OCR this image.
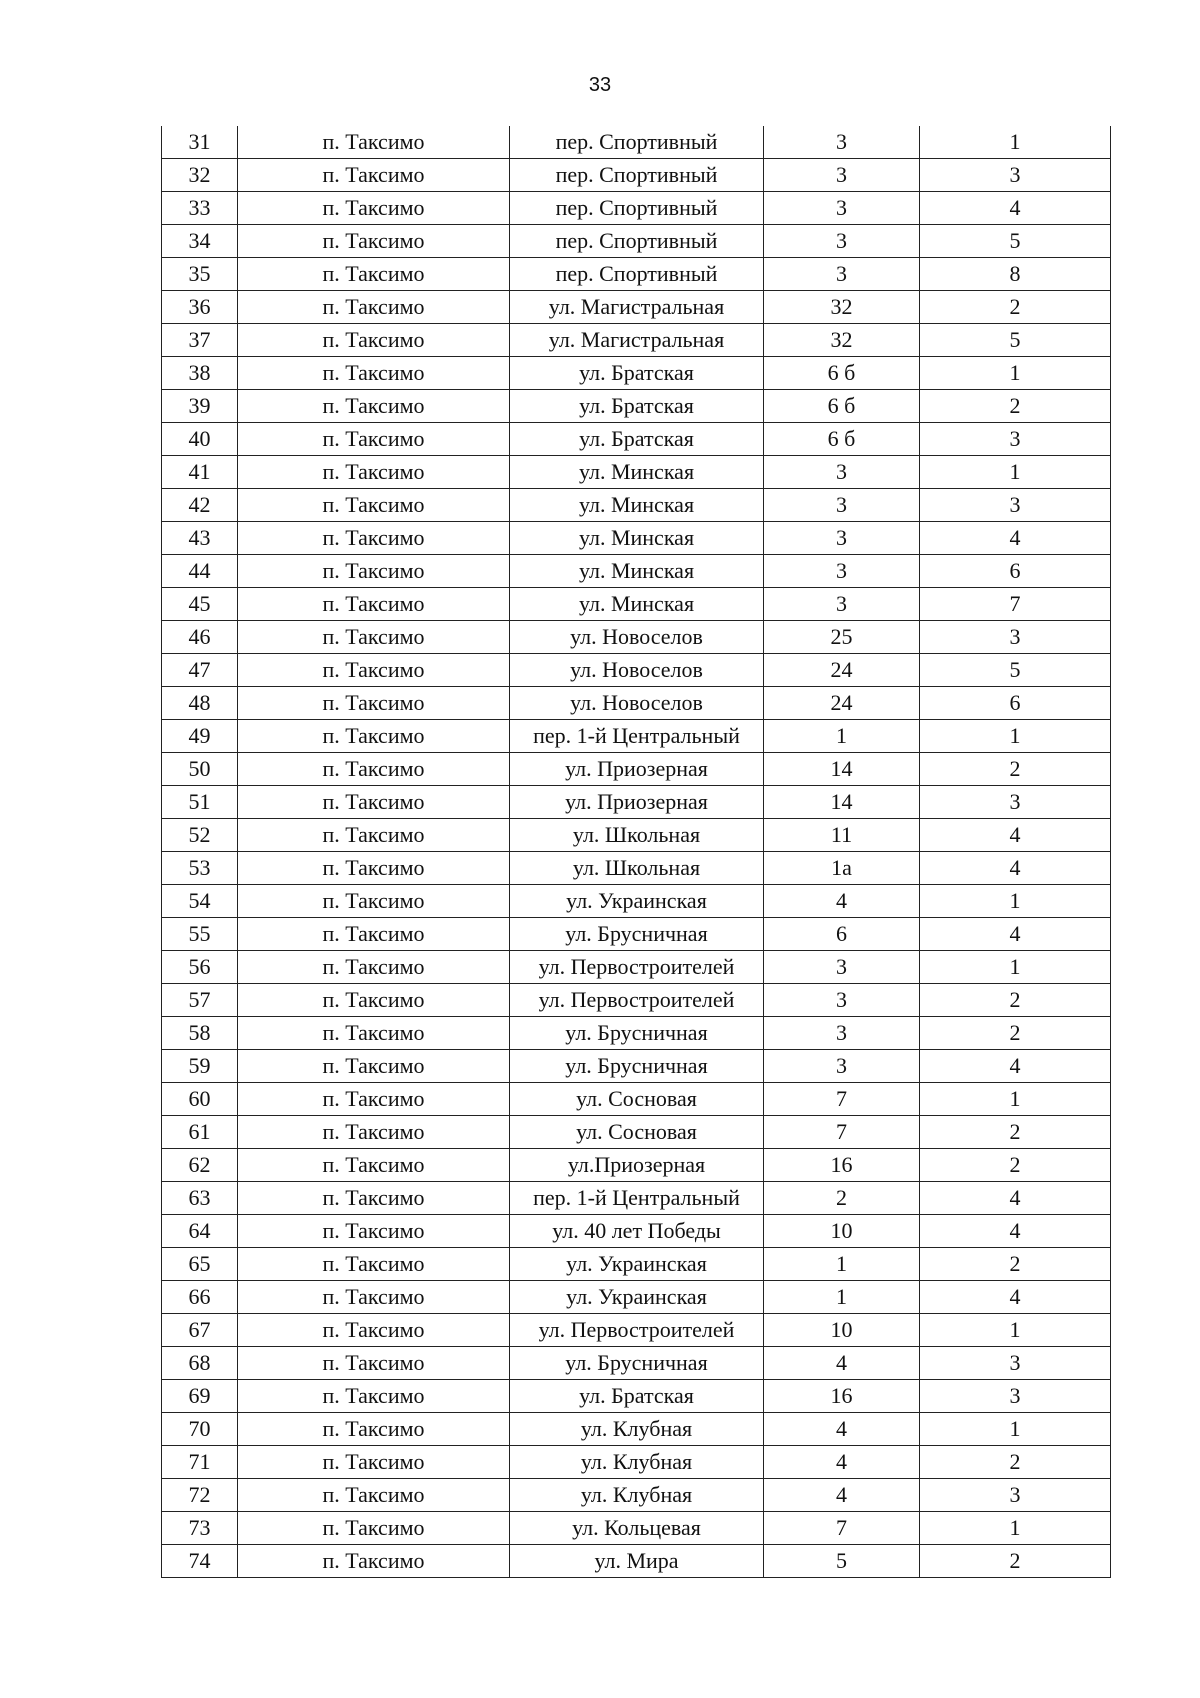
33
31	п. Таксимо	пер. Спортивный	3	1
32	п. Таксимо	пер. Спортивный	3	3
33	п. Таксимо	пер. Спортивный	3	4
34	п. Таксимо	пер. Спортивный	3	5
35	п. Таксимо	пер. Спортивный	3	8
36	п. Таксимо	ул. Магистральная	32	2
37	п. Таксимо	ул. Магистральная	32	5
38	п. Таксимо	ул. Братская	6 б	1
39	п. Таксимо	ул. Братская	6 б	2
40	п. Таксимо	ул. Братская	6 б	3
41	п. Таксимо	ул. Минская	3	1
42	п. Таксимо	ул. Минская	3	3
43	п. Таксимо	ул. Минская	3	4
44	п. Таксимо	ул. Минская	3	6
45	п. Таксимо	ул. Минская	3	7
46	п. Таксимо	ул. Новоселов	25	3
47	п. Таксимо	ул. Новоселов	24	5
48	п. Таксимо	ул. Новоселов	24	6
49	п. Таксимо	пер. 1-й Центральный	1	1
50	п. Таксимо	ул. Приозерная	14	2
51	п. Таксимо	ул. Приозерная	14	3
52	п. Таксимо	ул. Школьная	11	4
53	п. Таксимо	ул. Школьная	1а	4
54	п. Таксимо	ул. Украинская	4	1
55	п. Таксимо	ул. Брусничная	6	4
56	п. Таксимо	ул. Первостроителей	3	1
57	п. Таксимо	ул. Первостроителей	3	2
58	п. Таксимо	ул. Брусничная	3	2
59	п. Таксимо	ул. Брусничная	3	4
60	п. Таксимо	ул. Сосновая	7	1
61	п. Таксимо	ул. Сосновая	7	2
62	п. Таксимо	ул.Приозерная	16	2
63	п. Таксимо	пер. 1-й Центральный	2	4
64	п. Таксимо	ул. 40 лет Победы	10	4
65	п. Таксимо	ул. Украинская	1	2
66	п. Таксимо	ул. Украинская	1	4
67	п. Таксимо	ул. Первостроителей	10	1
68	п. Таксимо	ул. Брусничная	4	3
69	п. Таксимо	ул. Братская	16	3
70	п. Таксимо	ул. Клубная	4	1
71	п. Таксимо	ул. Клубная	4	2
72	п. Таксимо	ул. Клубная	4	3
73	п. Таксимо	ул. Кольцевая	7	1
74	п. Таксимо	ул. Мира	5	2
